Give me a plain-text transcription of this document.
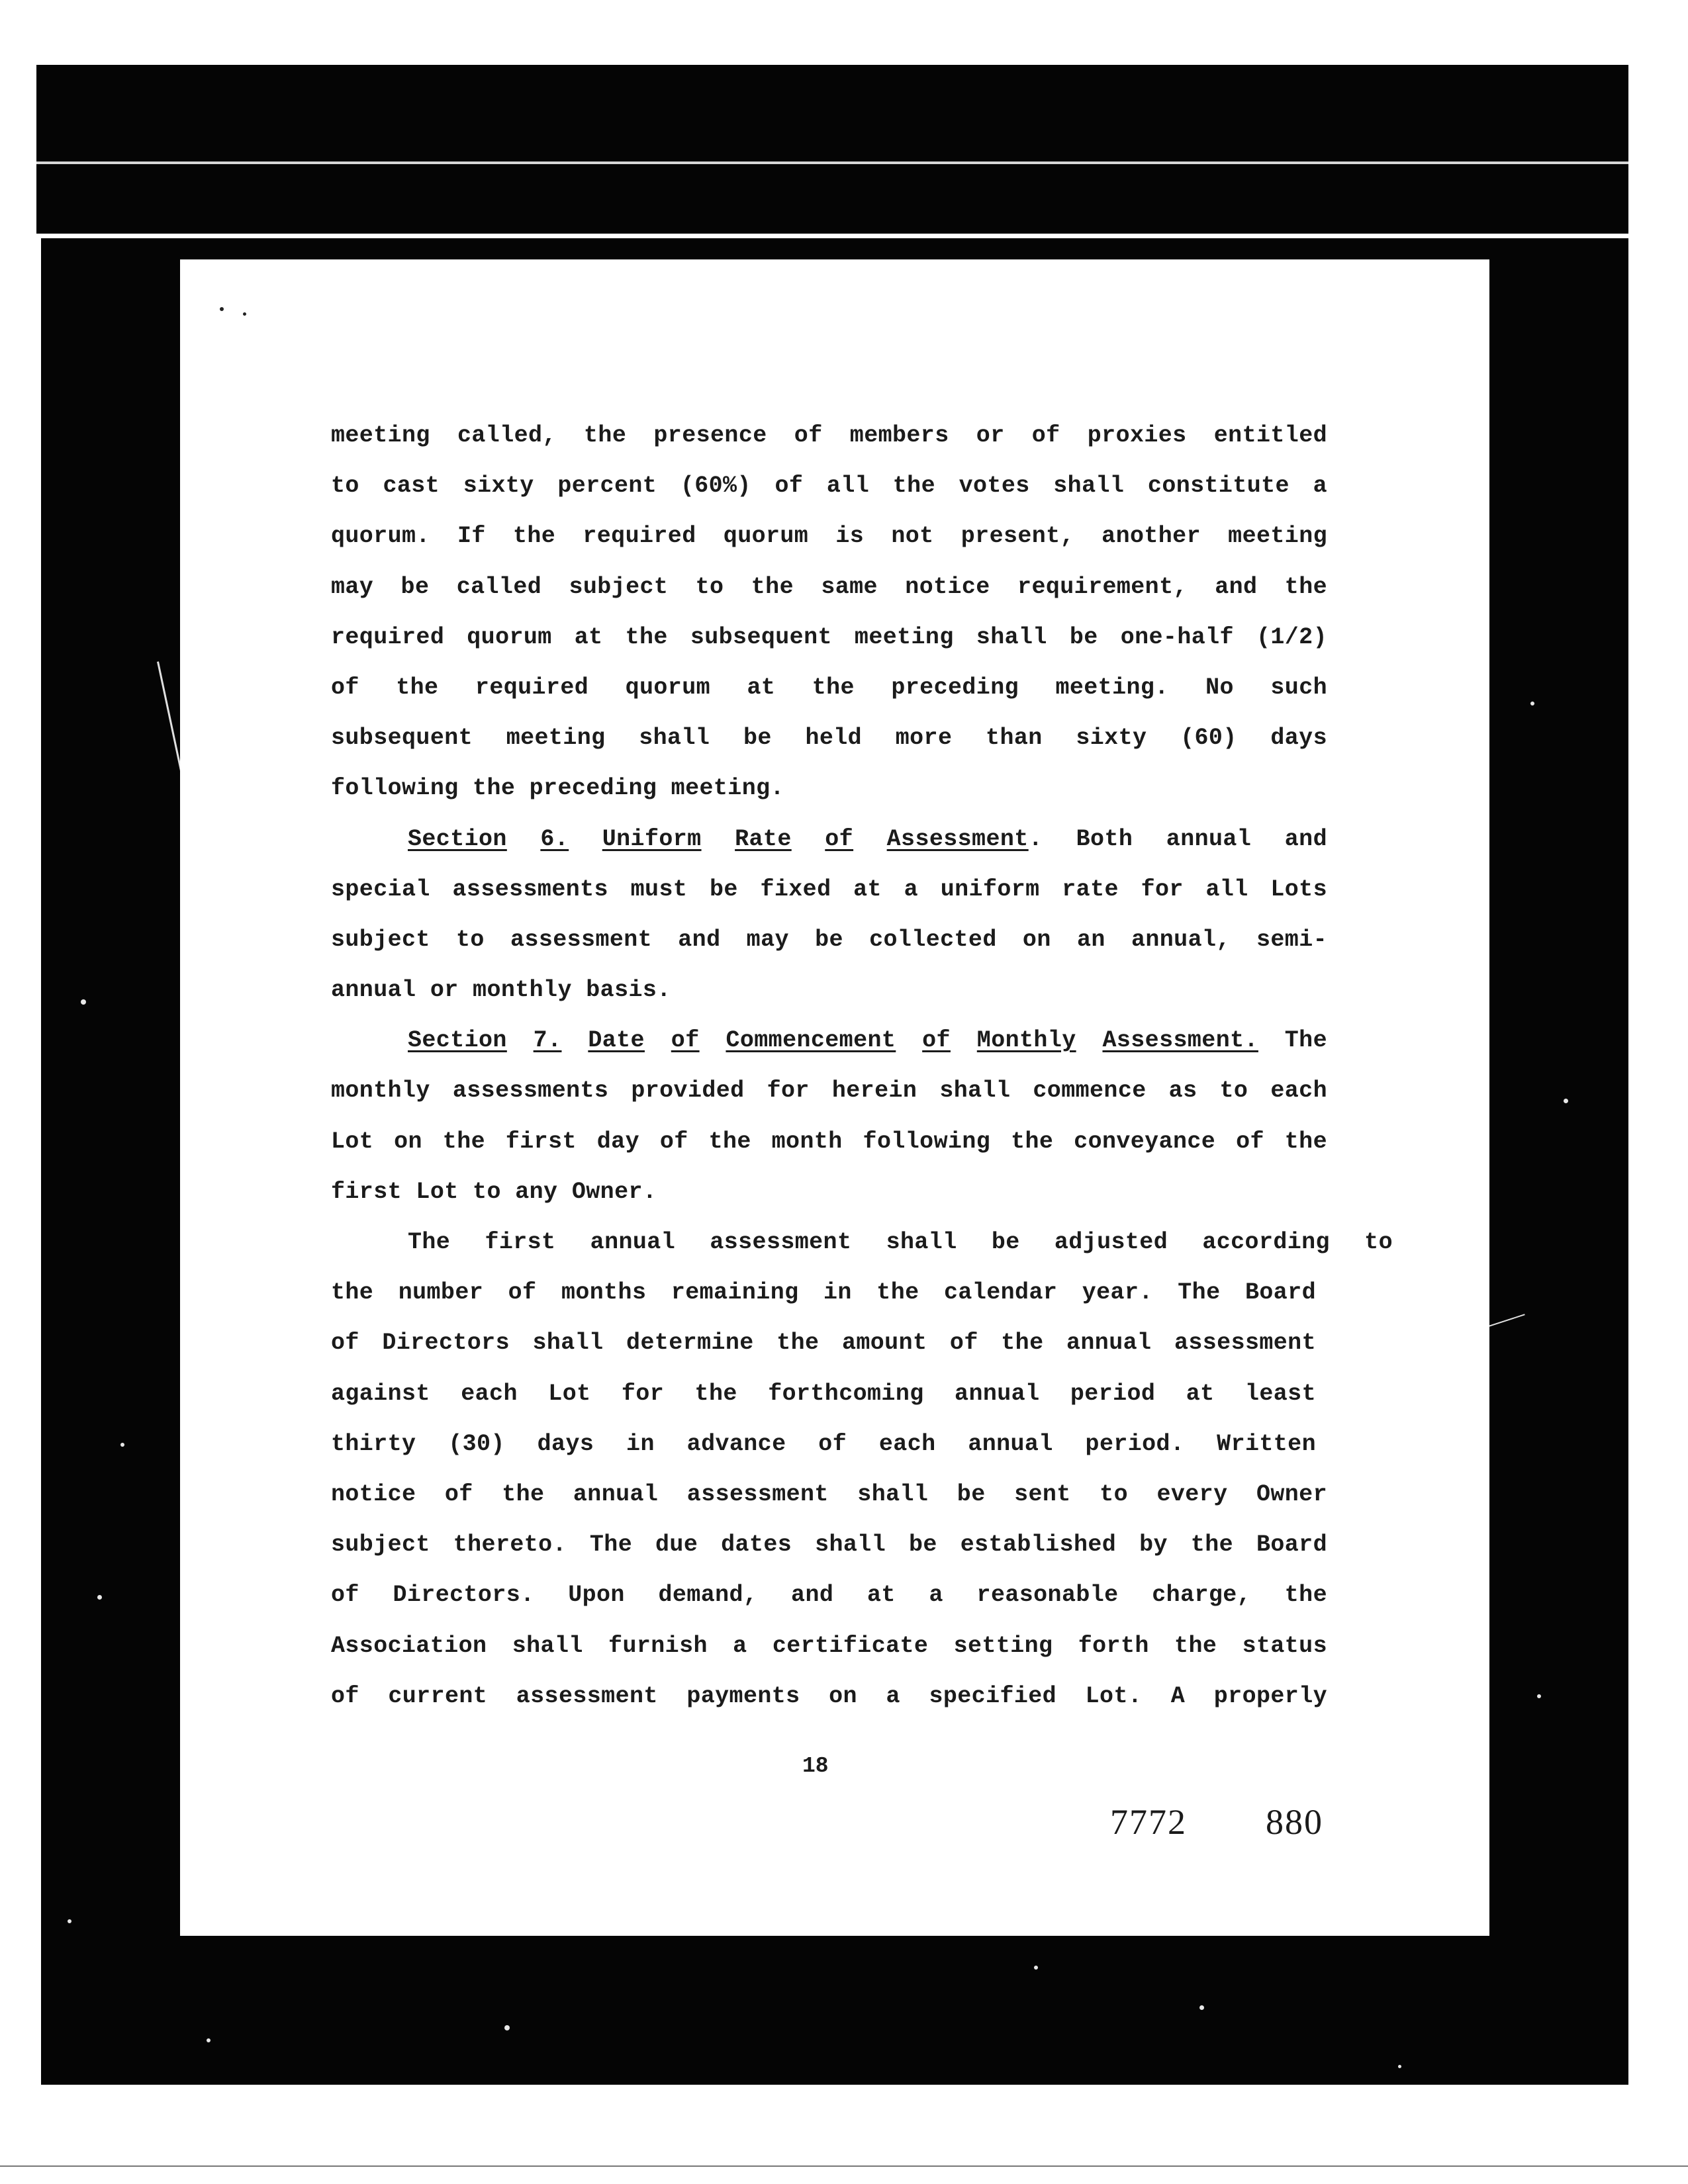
meeting called, the presence of members or of proxies entitled
to cast sixty percent (60%) of all the votes shall constitute a
quorum. If the required quorum is not present, another meeting
may be called subject to the same notice requirement, and the
required quorum at the subsequent meeting shall be one-half (1/2)
of the required quorum at the preceding meeting. No such
subsequent meeting shall be held more than sixty (60) days
following the preceding meeting.
Section 6. Uniform Rate of Assessment. Both annual and
special assessments must be fixed at a uniform rate for all Lots
subject to assessment and may be collected on an annual, semi-
annual or monthly basis.
Section 7. Date of Commencement of Monthly Assessment. The
monthly assessments provided for herein shall commence as to each
Lot on the first day of the month following the conveyance of the
first Lot to any Owner.
The first annual assessment shall be adjusted according to
the number of months remaining in the calendar year. The Board
of Directors shall determine the amount of the annual assessment
against each Lot for the forthcoming annual period at least
thirty (30) days in advance of each annual period. Written
notice of the annual assessment shall be sent to every Owner
subject thereto. The due dates shall be established by the Board
of Directors. Upon demand, and at a reasonable charge, the
Association shall furnish a certificate setting forth the status
of current assessment payments on a specified Lot. A properly
18
7772 880
